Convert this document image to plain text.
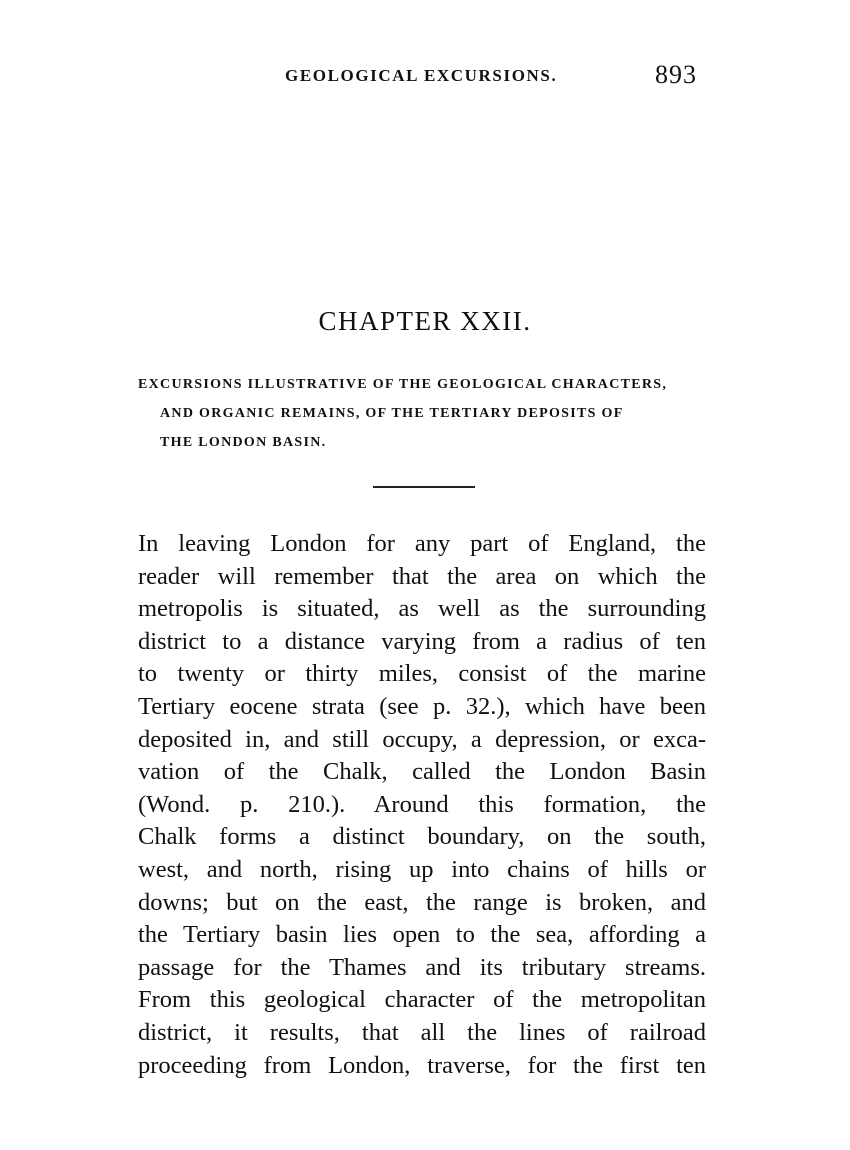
GEOLOGICAL EXCURSIONS.	893
CHAPTER XXII.
EXCURSIONS ILLUSTRATIVE OF THE GEOLOGICAL CHARACTERS,
AND ORGANIC REMAINS, OF THE TERTIARY DEPOSITS OF
THE LONDON BASIN.
In leaving London for any part of England, the
reader will remember that the area on which the
metropolis is situated, as well as the surrounding
district to a distance varying from a radius of ten
to twenty or thirty miles, consist of the marine
Tertiary eocene strata (see p. 32.), which have been
deposited in, and still occupy, a depression, or exca-
vation of the Chalk, called the London Basin
(Wond. p. 210.). Around this formation, the
Chalk forms a distinct boundary, on the south,
west, and north, rising up into chains of hills or
downs; but on the east, the range is broken, and
the Tertiary basin lies open to the sea, affording a
passage for the Thames and its tributary streams.
From this geological character of the metropolitan
district, it results, that all the lines of railroad
proceeding from London, traverse, for the first ten
